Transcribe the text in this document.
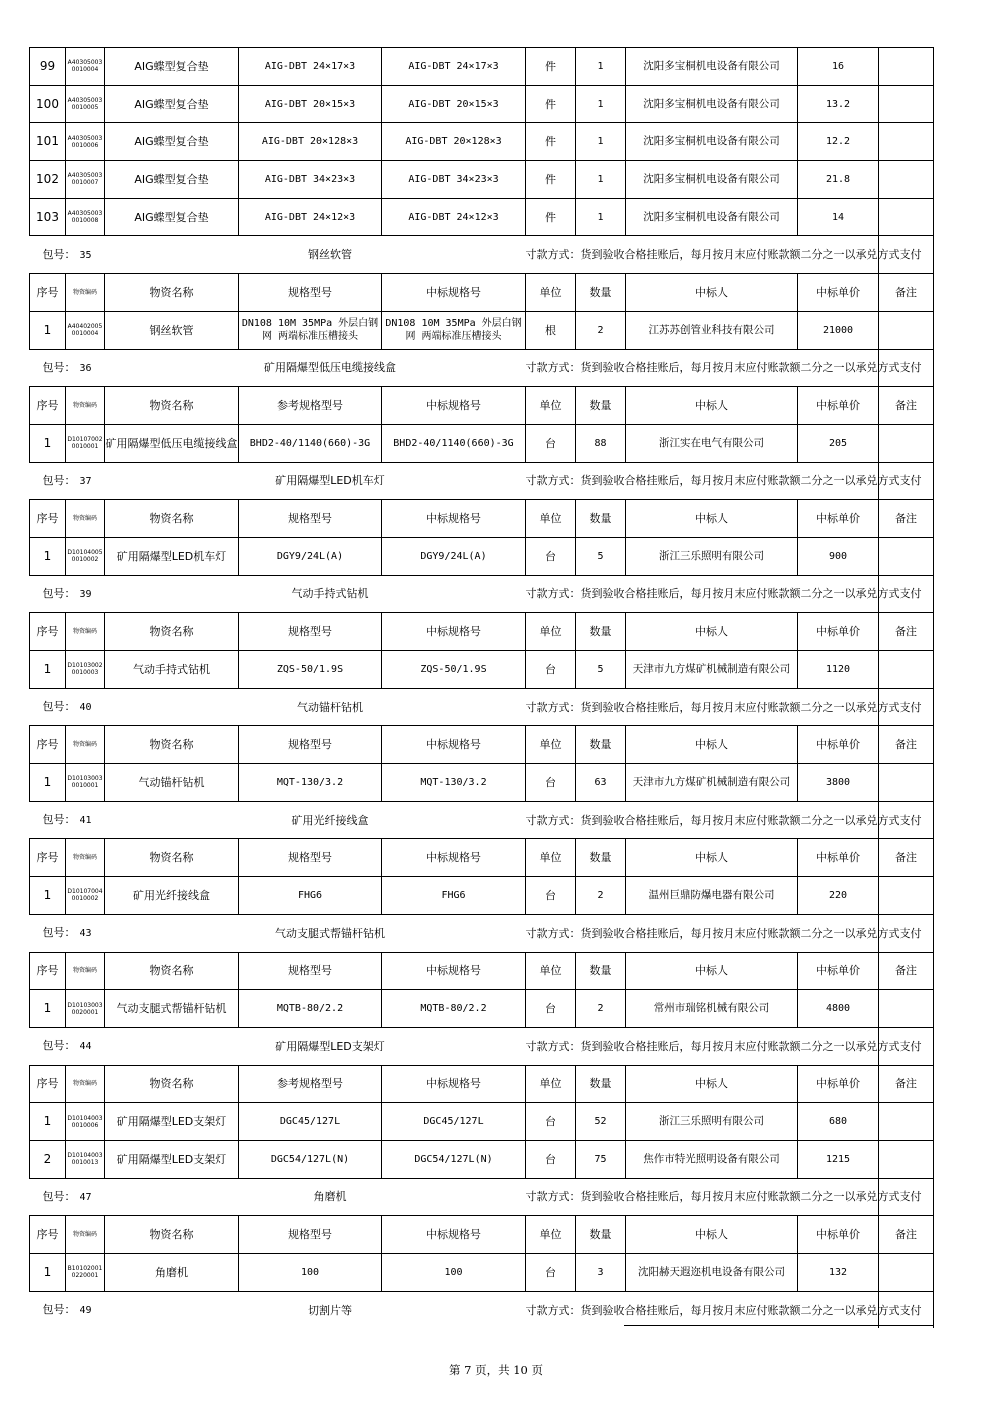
99	A40305003 0010004	AIG蝶型复合垫	AIG-DBT 24×17×3	AIG-DBT 24×17×3	件	1	沈阳多宝桐机电设备有限公司	16	
100	A40305003 0010005	AIG蝶型复合垫	AIG-DBT 20×15×3	AIG-DBT 20×15×3	件	1	沈阳多宝桐机电设备有限公司	13.2	
101	A40305003 0010006	AIG蝶型复合垫	AIG-DBT 20×128×3	AIG-DBT 20×128×3	件	1	沈阳多宝桐机电设备有限公司	12.2	
102	A40305003 0010007	AIG蝶型复合垫	AIG-DBT 34×23×3	AIG-DBT 34×23×3	件	1	沈阳多宝桐机电设备有限公司	21.8	
103	A40305003 0010008	AIG蝶型复合垫	AIG-DBT 24×12×3	AIG-DBT 24×12×3	件	1	沈阳多宝桐机电设备有限公司	14	
包号： 35		钢丝软管			寸款方式：货到验收合格挂账后，每月按月末应付账款额二分之一以承兑方式支付				
序号	物资编码	物资名称	规格型号	中标规格号	单位	数量	中标人	中标单价	备注
1	A40402005 0010004	钢丝软管	DN108 10M 35MPa 外层白钢网 两端标准压槽接头	DN108 10M 35MPa 外层白钢网 两端标准压槽接头	根	2	江苏苏创管业科技有限公司	21000	
包号： 36		矿用隔爆型低压电缆接线盒			寸款方式：货到验收合格挂账后，每月按月末应付账款额二分之一以承兑方式支付				
序号	物资编码	物资名称	参考规格型号	中标规格号	单位	数量	中标人	中标单价	备注
1	D10107002 0010001	矿用隔爆型低压电缆接线盒	BHD2-40/1140(660)-3G	BHD2-40/1140(660)-3G	台	88	浙江实在电气有限公司	205	
包号： 37		矿用隔爆型LED机车灯			寸款方式：货到验收合格挂账后，每月按月末应付账款额二分之一以承兑方式支付				
序号	物资编码	物资名称	规格型号	中标规格号	单位	数量	中标人	中标单价	备注
1	D10104005 0010002	矿用隔爆型LED机车灯	DGY9/24L(A)	DGY9/24L(A)	台	5	浙江三乐照明有限公司	900	
包号： 39		气动手持式钻机			寸款方式：货到验收合格挂账后，每月按月末应付账款额二分之一以承兑方式支付				
序号	物资编码	物资名称	规格型号	中标规格号	单位	数量	中标人	中标单价	备注
1	D10103002 0010003	气动手持式钻机	ZQS-50/1.9S	ZQS-50/1.9S	台	5	天津市九方煤矿机械制造有限公司	1120	
包号： 40		气动锚杆钻机			寸款方式：货到验收合格挂账后，每月按月末应付账款额二分之一以承兑方式支付				
序号	物资编码	物资名称	规格型号	中标规格号	单位	数量	中标人	中标单价	备注
1	D10103003 0010001	气动锚杆钻机	MQT-130/3.2	MQT-130/3.2	台	63	天津市九方煤矿机械制造有限公司	3800	
包号： 41		矿用光纤接线盒			寸款方式：货到验收合格挂账后，每月按月末应付账款额二分之一以承兑方式支付				
序号	物资编码	物资名称	规格型号	中标规格号	单位	数量	中标人	中标单价	备注
1	D10107004 0010002	矿用光纤接线盒	FHG6	FHG6	台	2	温州巨鼎防爆电器有限公司	220	
包号： 43		气动支腿式帮锚杆钻机			寸款方式：货到验收合格挂账后，每月按月末应付账款额二分之一以承兑方式支付				
序号	物资编码	物资名称	规格型号	中标规格号	单位	数量	中标人	中标单价	备注
1	D10103003 0020001	气动支腿式帮锚杆钻机	MQTB-80/2.2	MQTB-80/2.2	台	2	常州市瑞铭机械有限公司	4800	
包号： 44		矿用隔爆型LED支架灯			寸款方式：货到验收合格挂账后，每月按月末应付账款额二分之一以承兑方式支付				
序号	物资编码	物资名称	参考规格型号	中标规格号	单位	数量	中标人	中标单价	备注
1	D10104003 0010006	矿用隔爆型LED支架灯	DGC45/127L	DGC45/127L	台	52	浙江三乐照明有限公司	680	
2	D10104003 0010013	矿用隔爆型LED支架灯	DGC54/127L(N)	DGC54/127L(N)	台	75	焦作市特光照明设备有限公司	1215	
包号： 47		角磨机			寸款方式：货到验收合格挂账后，每月按月末应付账款额二分之一以承兑方式支付				
序号	物资编码	物资名称	规格型号	中标规格号	单位	数量	中标人	中标单价	备注
1	B10102001 0220001	角磨机	100	100	台	3	沈阳赫天遐迩机电设备有限公司	132	
包号： 49		切割片等			寸款方式：货到验收合格挂账后，每月按月末应付账款额二分之一以承兑方式支付				
第 7 页，共 10 页
